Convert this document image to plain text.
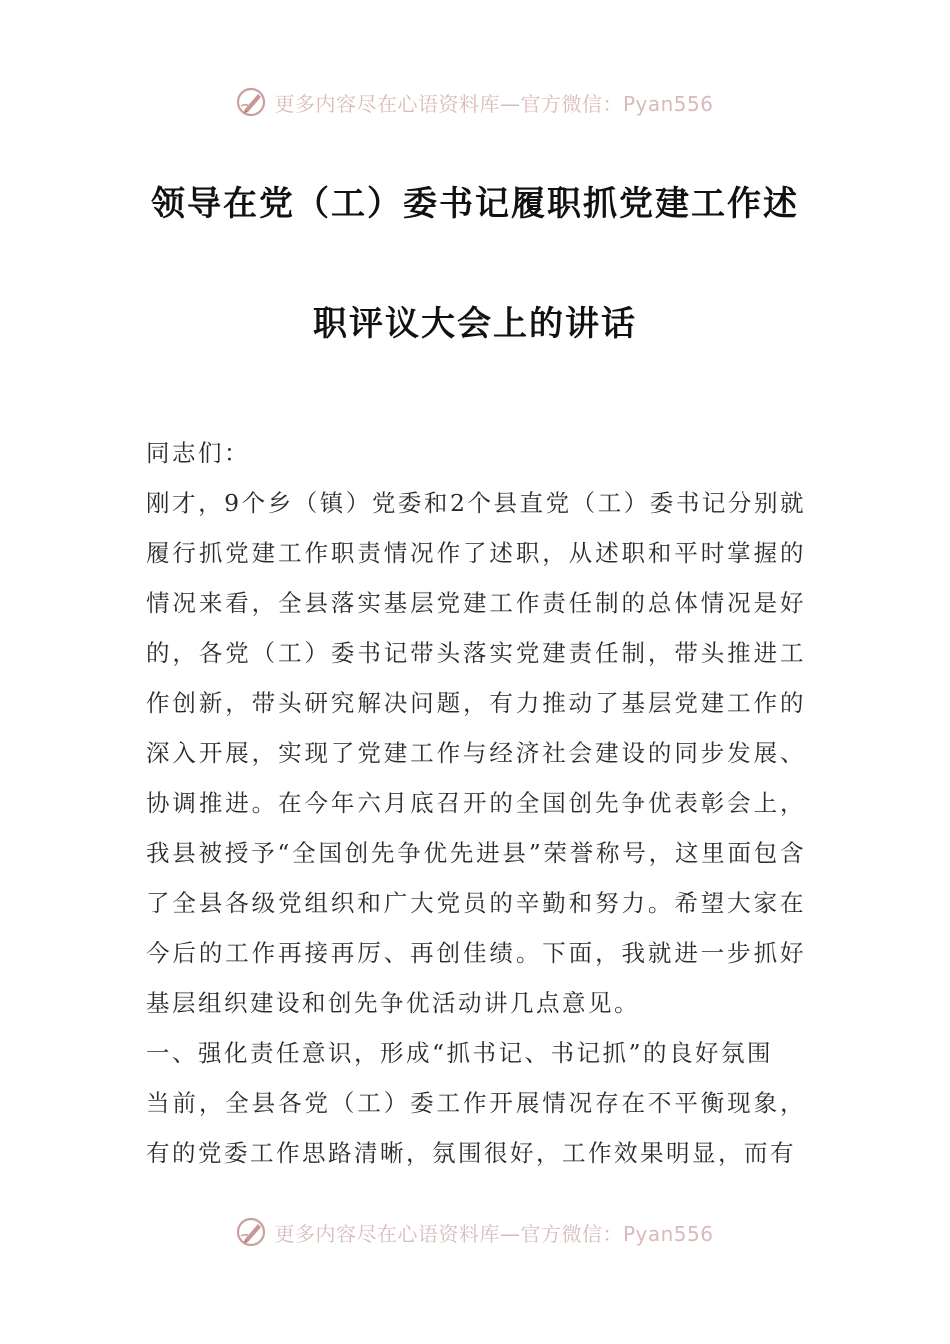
更多内容尽在心语资料库—官方微信：Pyan556
领导在党（工）委书记履职抓党建工作述
职评议大会上的讲话

同志们：

刚才，9个乡（镇）党委和2个县直党（工）委书记分别就履行抓党建工作职责情况作了述职，从述职和平时掌握的情况来看，全县落实基层党建工作责任制的总体情况是好的，各党（工）委书记带头落实党建责任制，带头推进工作创新，带头研究解决问题，有力推动了基层党建工作的深入开展，实现了党建工作与经济社会建设的同步发展、协调推进。在今年六月底召开的全国创先争优表彰会上，我县被授予“全国创先争优先进县”荣誉称号，这里面包含了全县各级党组织和广大党员的辛勤和努力。希望大家在今后的工作再接再厉、再创佳绩。下面，我就进一步抓好基层组织建设和创先争优活动讲几点意见。

一、强化责任意识，形成“抓书记、书记抓”的良好氛围

当前，全县各党（工）委工作开展情况存在不平衡现象，有的党委工作思路清晰，氛围很好，工作效果明显，而有

更多内容尽在心语资料库—官方微信：Pyan556
